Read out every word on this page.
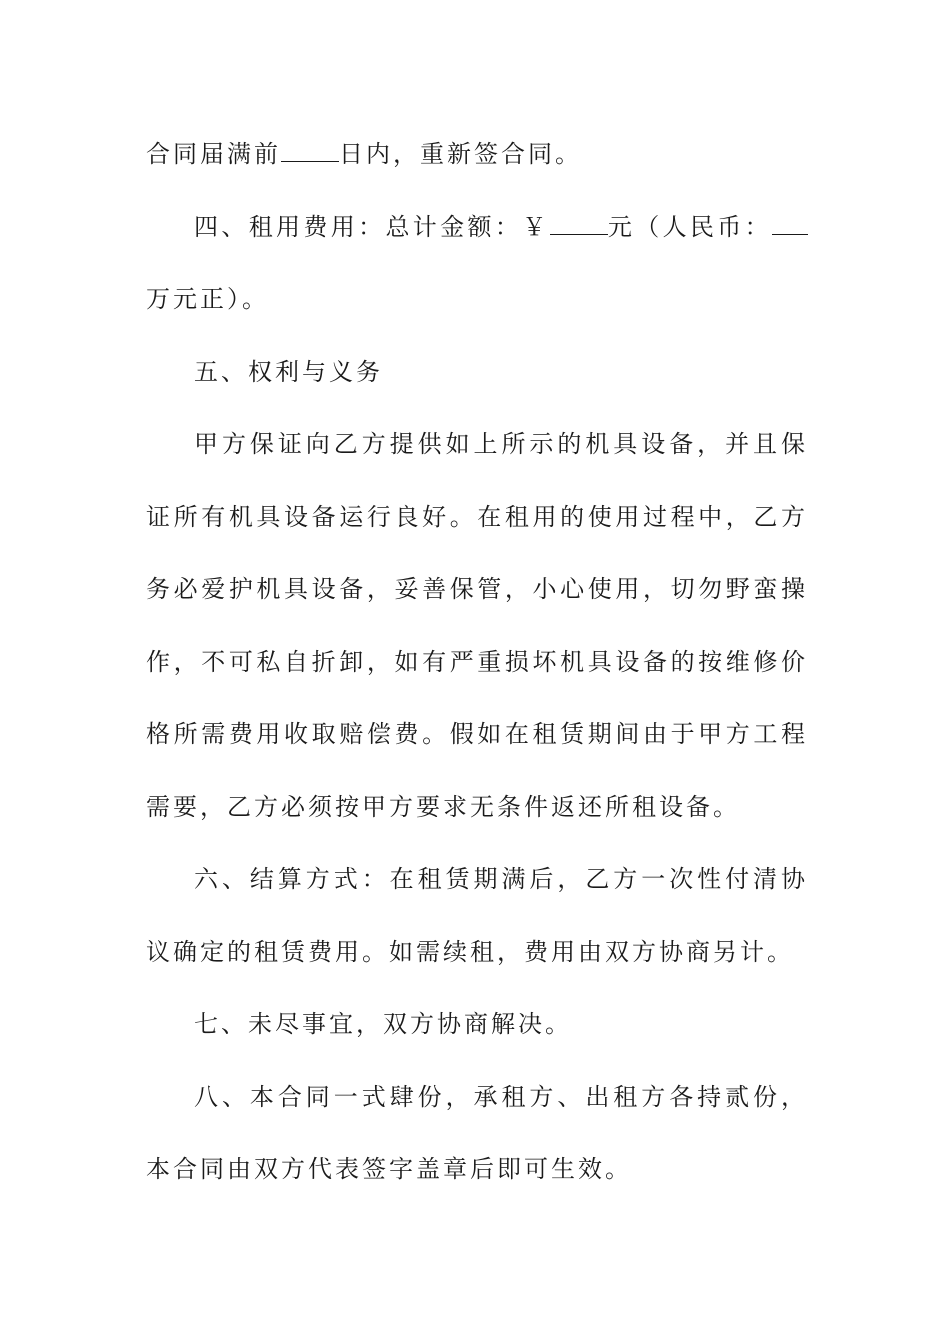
合同届满前 日内，重新签合同。

四、租用费用：总计金额：￥ 元（人民币：万元正）。

五、权利与义务

甲方保证向乙方提供如上所示的机具设备，并且保证所有机具设备运行良好。在租用的使用过程中，乙方务必爱护机具设备，妥善保管，小心使用，切勿野蛮操作，不可私自折卸，如有严重损坏机具设备的按维修价格所需费用收取赔偿费。假如在租赁期间由于甲方工程需要，乙方必须按甲方要求无条件返还所租设备。

六、结算方式：在租赁期满后，乙方一次性付清协议确定的租赁费用。如需续租，费用由双方协商另计。

七、未尽事宜，双方协商解决。

八、本合同一式肆份，承租方、出租方各持贰份，本合同由双方代表签字盖章后即可生效。
